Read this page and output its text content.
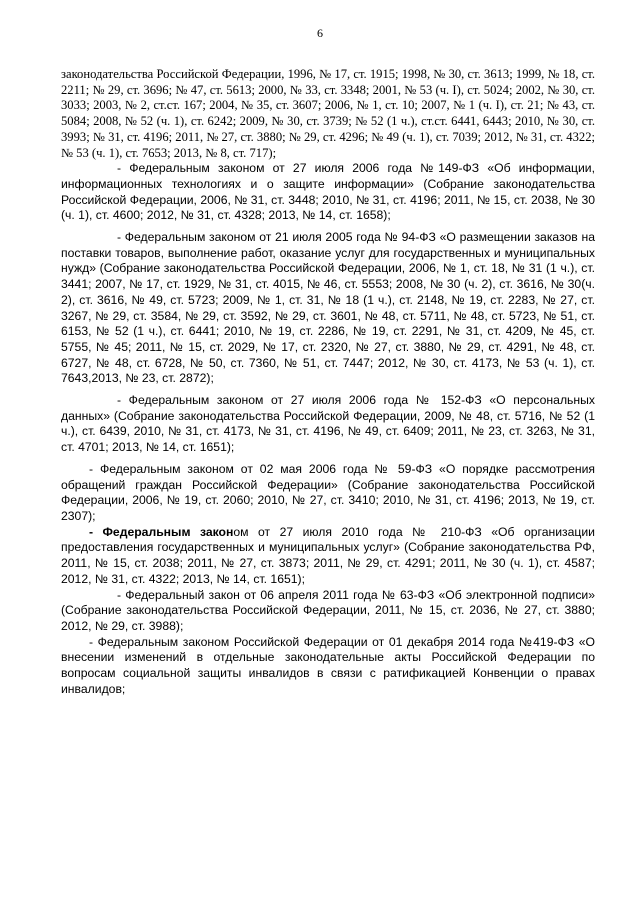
6

законодательства Российской Федерации, 1996, № 17, ст. 1915; 1998, № 30, ст. 3613; 1999, № 18, ст. 2211; № 29, ст. 3696; № 47, ст. 5613; 2000, № 33, ст. 3348; 2001, № 53 (ч. I), ст. 5024; 2002, № 30, ст. 3033; 2003, № 2, ст.ст. 167; 2004, № 35, ст. 3607; 2006, № 1, ст. 10; 2007, № 1 (ч. I), ст. 21; № 43, ст. 5084; 2008, № 52 (ч. 1), ст. 6242; 2009, № 30, ст. 3739; № 52 (1 ч.), ст.ст. 6441, 6443; 2010, № 30, ст. 3993; № 31, ст. 4196; 2011, № 27, ст. 3880; № 29, ст. 4296; № 49 (ч. 1), ст. 7039; 2012, № 31, ст. 4322; № 53 (ч. 1), ст. 7653; 2013, № 8, ст. 717);

- Федеральным законом от 27 июля 2006 года №149-ФЗ «Об информации, информационных технологиях и о защите информации» (Собрание законодательства Российской Федерации, 2006, № 31, ст. 3448; 2010, № 31, ст. 4196; 2011, № 15, ст. 2038, № 30 (ч. 1), ст. 4600; 2012, № 31, ст. 4328; 2013, № 14, ст. 1658);

- Федеральным законом от 21 июля 2005 года № 94-ФЗ «О размещении заказов на поставки товаров, выполнение работ, оказание услуг для государственных и муниципальных нужд» (Собрание законодательства Российской Федерации, 2006, № 1, ст. 18, № 31 (1 ч.), ст. 3441; 2007, № 17, ст. 1929, № 31, ст. 4015, № 46, ст. 5553; 2008, № 30 (ч. 2), ст. 3616, № 30(ч. 2), ст. 3616, № 49, ст. 5723; 2009, № 1, ст. 31, № 18 (1 ч.), ст. 2148, № 19, ст. 2283, № 27, ст. 3267, № 29, ст. 3584, № 29, ст. 3592, № 29, ст. 3601, № 48, ст. 5711, № 48, ст. 5723, № 51, ст. 6153, № 52 (1 ч.), ст. 6441; 2010, № 19, ст. 2286, № 19, ст. 2291, № 31, ст. 4209, № 45, ст. 5755, № 45; 2011, № 15, ст. 2029, № 17, ст. 2320, № 27, ст. 3880, № 29, ст. 4291, № 48, ст. 6727, № 48, ст. 6728, № 50, ст. 7360, № 51, ст. 7447; 2012, № 30, ст. 4173, № 53 (ч. 1), ст. 7643,2013, № 23, ст. 2872);

- Федеральным законом от 27 июля 2006 года № 152-ФЗ «О персональных данных» (Собрание законодательства Российской Федерации, 2009, № 48, ст. 5716, № 52 (1 ч.), ст. 6439, 2010, № 31, ст. 4173, № 31, ст. 4196, № 49, ст. 6409; 2011, № 23, ст. 3263, № 31, ст. 4701; 2013, № 14, ст. 1651);

- Федеральным законом от 02 мая 2006 года № 59-ФЗ «О порядке рассмотрения обращений граждан Российской Федерации» (Собрание законодательства Российской Федерации, 2006, № 19, ст. 2060; 2010, № 27, ст. 3410; 2010, № 31, ст. 4196; 2013, № 19, ст. 2307);

- Федеральным законом от 27 июля 2010 года № 210-ФЗ «Об организации предоставления государственных и муниципальных услуг» (Собрание законодательства РФ, 2011, № 15, ст. 2038; 2011, № 27, ст. 3873; 2011, № 29, ст. 4291; 2011, № 30 (ч. 1), ст. 4587; 2012, № 31, ст. 4322; 2013, № 14, ст. 1651);

- Федеральный закон от 06 апреля 2011 года № 63-ФЗ «Об электронной подписи» (Собрание законодательства Российской Федерации, 2011, № 15, ст. 2036, № 27, ст. 3880; 2012, № 29, ст. 3988);

- Федеральным законом Российской Федерации от 01 декабря 2014 года №419-ФЗ «О внесении изменений в отдельные законодательные акты Российской Федерации по вопросам социальной защиты инвалидов в связи с ратификацией Конвенции о правах инвалидов;
